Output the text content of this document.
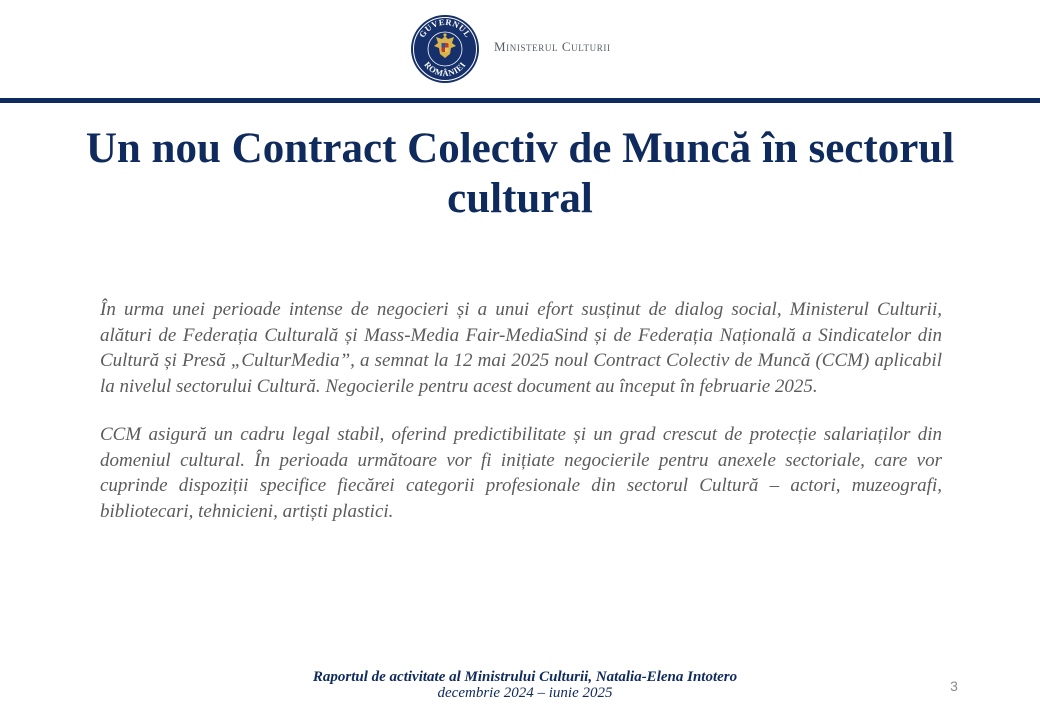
GUVERNUL
ROMÂNIEI
Ministerul Culturii
Un nou Contract Colectiv de Muncă în sectorul cultural

În urma unei perioade intense de negocieri și a unui efort susținut de dialog social, Ministerul Culturii, alături de Federația Culturală și Mass-Media Fair-MediaSind și de Federația Națională a Sindicatelor din Cultură și Presă „CulturMedia”, a semnat la 12 mai 2025 noul Contract Colectiv de Muncă (CCM) aplicabil la nivelul sectorului Cultură. Negocierile pentru acest document au început în februarie 2025.

CCM asigură un cadru legal stabil, oferind predictibilitate și un grad crescut de protecție salariaților din domeniul cultural. În perioada următoare vor fi inițiate negocierile pentru anexele sectoriale, care vor cuprinde dispoziții specifice fiecărei categorii profesionale din sectorul Cultură – actori, muzeografi, bibliotecari, tehnicieni, artiști plastici.

Raportul de activitate al Ministrului Culturii, Natalia-Elena Intotero
decembrie 2024 – iunie 2025	3
